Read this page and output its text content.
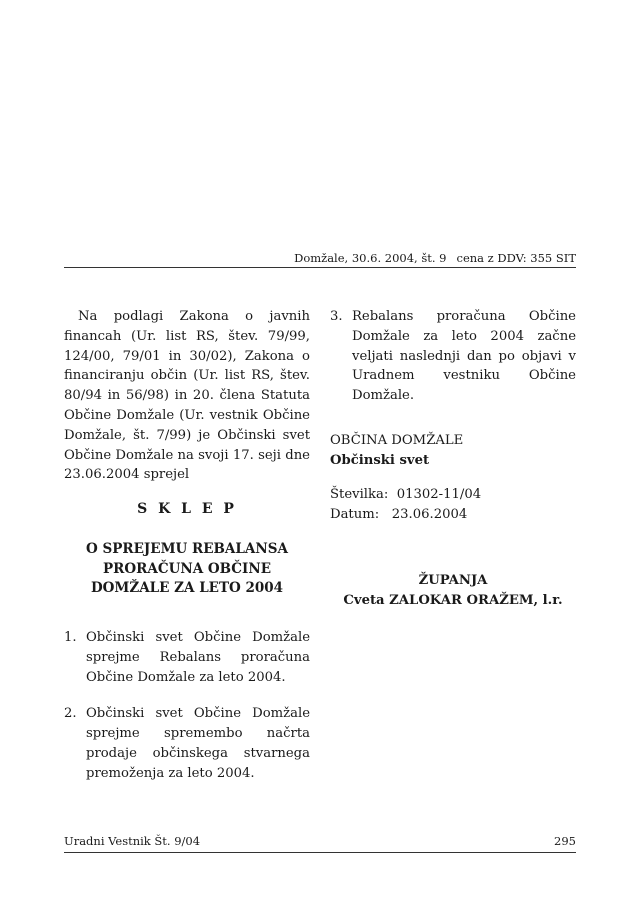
Domžale, 30.6. 2004, št. 9 cena z DDV: 355 SIT

Na podlagi Zakona o javnih financah (Ur. list RS, štev. 79/99, 124/00, 79/01 in 30/02), Zakona o financiranju občin (Ur. list RS, štev. 80/94 in 56/98) in 20. člena Statuta Občine Domžale (Ur. vestnik Občine Domžale, št. 7/99) je Občinski svet Občine Domžale na svoji 17. seji dne 23.06.2004 sprejel

S K L E P
O SPREJEMU REBALANSA PRORAČUNA OBČINE DOMŽALE ZA LETO 2004
1. Občinski svet Občine Domžale sprejme Rebalans proračuna Občine Domžale za leto 2004.
2. Občinski svet Občine Domžale sprejme spremembo načrta prodaje občinskega stvarnega premoženja za leto 2004.
3. Rebalans proračuna Občine Domžale za leto 2004 začne veljati naslednji dan po objavi v Uradnem vestniku Občine Domžale.
OBČINA DOMŽALE
Občinski svet
Številka: 01302-11/04
Datum: 23.06.2004
ŽUPANJA
Cveta ZALOKAR ORAŽEM, l.r.
Uradni Vestnik Št. 9/04	295
